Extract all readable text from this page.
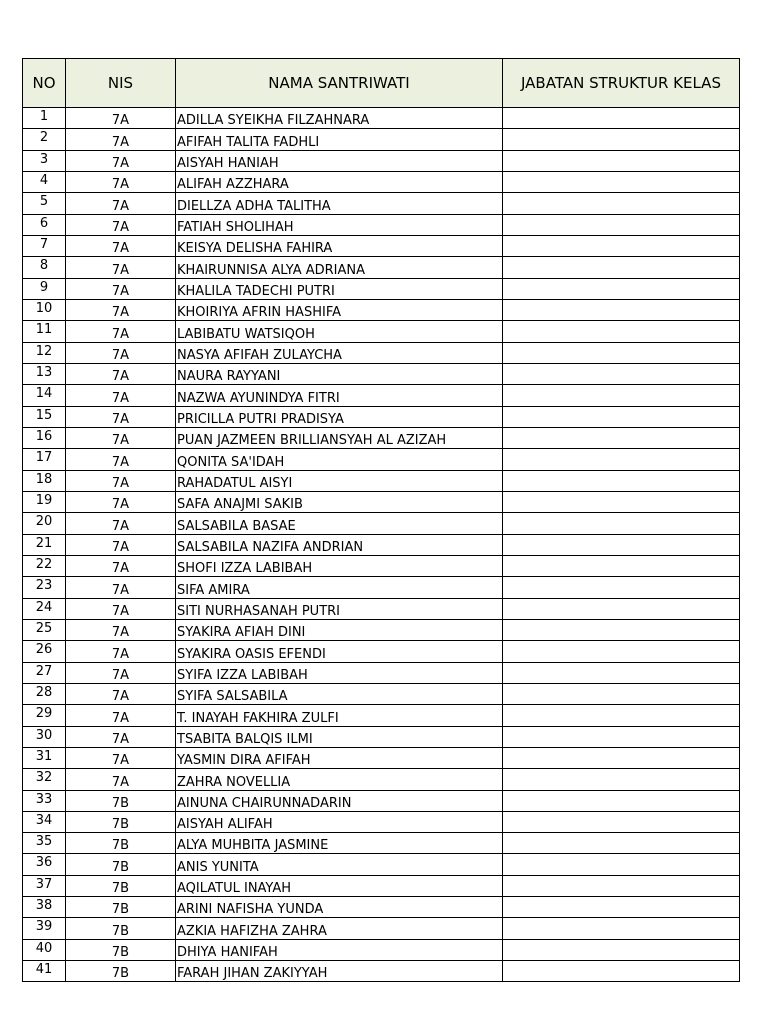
NO	NIS	NAMA SANTRIWATI	JABATAN STRUKTUR KELAS
1	7A	ADILLA SYEIKHA FILZAHNARA	
2	7A	AFIFAH TALITA FADHLI	
3	7A	AISYAH HANIAH	
4	7A	ALIFAH AZZHARA	
5	7A	DIELLZA ADHA TALITHA	
6	7A	FATIAH SHOLIHAH	
7	7A	KEISYA DELISHA FAHIRA	
8	7A	KHAIRUNNISA ALYA ADRIANA	
9	7A	KHALILA TADECHI PUTRI	
10	7A	KHOIRIYA AFRIN HASHIFA	
11	7A	LABIBATU WATSIQOH	
12	7A	NASYA AFIFAH ZULAYCHA	
13	7A	NAURA RAYYANI	
14	7A	NAZWA AYUNINDYA FITRI	
15	7A	PRICILLA PUTRI PRADISYA	
16	7A	PUAN JAZMEEN BRILLIANSYAH AL AZIZAH	
17	7A	QONITA SA'IDAH	
18	7A	RAHADATUL AISYI	
19	7A	SAFA ANAJMI SAKIB	
20	7A	SALSABILA BASAE	
21	7A	SALSABILA NAZIFA ANDRIAN	
22	7A	SHOFI IZZA LABIBAH	
23	7A	SIFA AMIRA	
24	7A	SITI NURHASANAH PUTRI	
25	7A	SYAKIRA AFIAH DINI	
26	7A	SYAKIRA OASIS EFENDI	
27	7A	SYIFA IZZA LABIBAH	
28	7A	SYIFA SALSABILA	
29	7A	T. INAYAH FAKHIRA ZULFI	
30	7A	TSABITA BALQIS ILMI	
31	7A	YASMIN DIRA AFIFAH	
32	7A	ZAHRA NOVELLIA	
33	7B	AINUNA CHAIRUNNADARIN	
34	7B	AISYAH ALIFAH	
35	7B	ALYA MUHBITA JASMINE	
36	7B	ANIS YUNITA	
37	7B	AQILATUL INAYAH	
38	7B	ARINI NAFISHA YUNDA	
39	7B	AZKIA HAFIZHA ZAHRA	
40	7B	DHIYA HANIFAH	
41	7B	FARAH JIHAN ZAKIYYAH	
